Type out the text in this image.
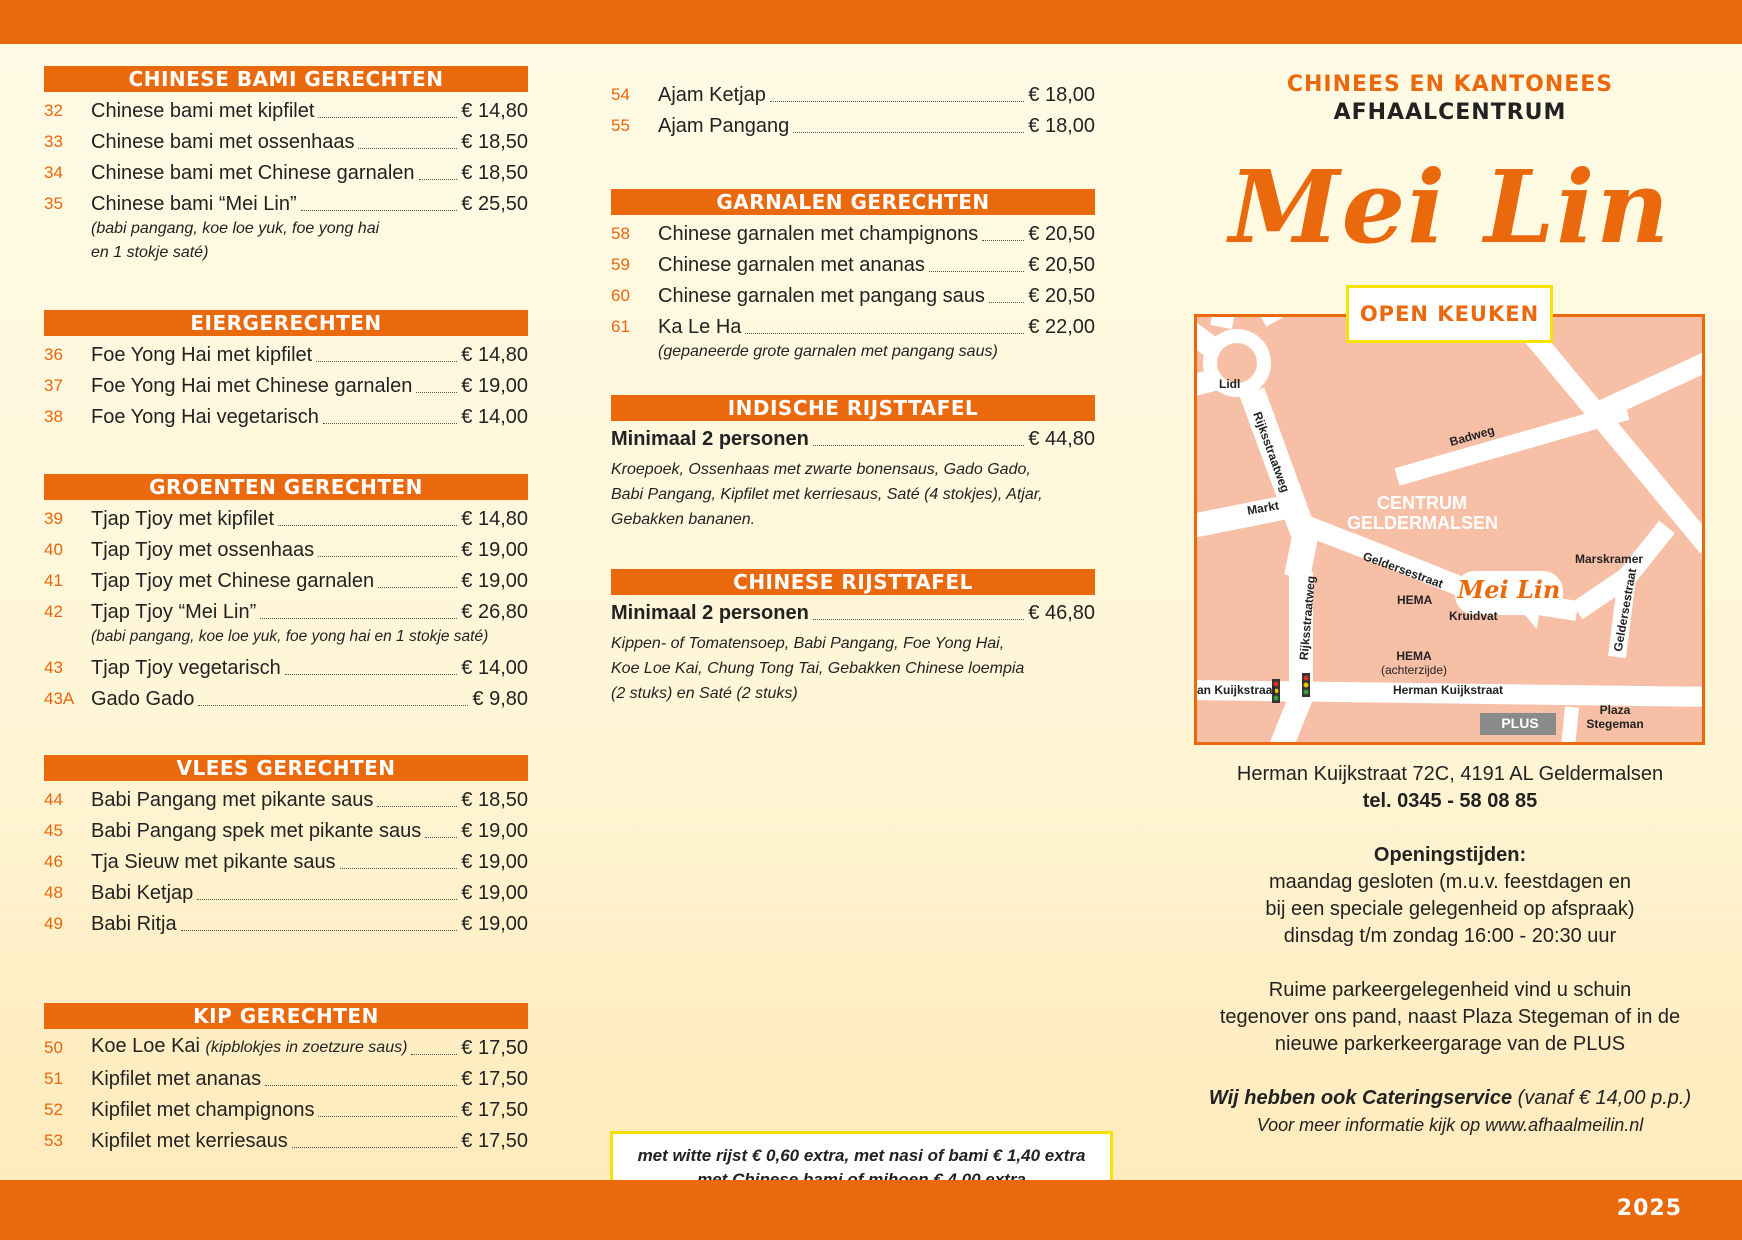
CHINESE BAMI GERECHTEN
32	Chinese bami met kipfilet	€ 14,80
33	Chinese bami met ossenhaas	€ 18,50
34	Chinese bami met Chinese garnalen € 18,50
35	Chinese bami “Mei Lin”	€ 25,50
(babi pangang, koe loe yuk, foe yong hai
en 1 stokje saté)
EIERGERECHTEN
36	Foe Yong Hai met kipfilet	€ 14,80
37	Foe Yong Hai met Chinese garnalen € 19,00
38	Foe Yong Hai vegetarisch	€ 14,00
GROENTEN GERECHTEN
39	Tjap Tjoy met kipfilet	€ 14,80
40	Tjap Tjoy met ossenhaas	€ 19,00
41	Tjap Tjoy met Chinese garnalen	€ 19,00
42	Tjap Tjoy “Mei Lin”	€ 26,80
(babi pangang, koe loe yuk, foe yong hai en 1 stokje saté)
43	Tjap Tjoy vegetarisch	€ 14,00
43A Gado Gado	€ 9,80
VLEES GERECHTEN
44	Babi Pangang met pikante saus	€ 18,50
45	Babi Pangang spek met pikante saus € 19,00
46	Tja Sieuw met pikante saus	€ 19,00
48	Babi Ketjap	€ 19,00
49	Babi Ritja	€ 19,00
KIP GERECHTEN
50	Koe Loe Kai (kipblokjes in zoetzure saus)	€ 17,50
51	Kipfilet met ananas	€ 17,50
52	Kipfilet met champignons	€ 17,50
53	Kipfilet met kerriesaus	€ 17,50
54	Ajam Ketjap	€ 18,00
55	Ajam Pangang	€ 18,00
GARNALEN GERECHTEN
58	Chinese garnalen met champignons	€ 20,50
59	Chinese garnalen met ananas	€ 20,50
60	Chinese garnalen met pangang saus € 20,50
61	Ka Le Ha	€ 22,00
(gepaneerde grote garnalen met pangang saus)
INDISCHE RIJSTTAFEL
Minimaal 2 personen	€ 44,80
Kroepoek, Ossenhaas met zwarte bonensaus, Gado Gado,
Babi Pangang, Kipfilet met kerriesaus, Saté (4 stokjes), Atjar,
Gebakken bananen.
CHINESE RIJSTTAFEL
Minimaal 2 personen	€ 46,80
Kippen- of Tomatensoep, Babi Pangang, Foe Yong Hai,
Koe Loe Kai, Chung Tong Tai, Gebakken Chinese loempia
(2 stuks) en Saté (2 stuks)
met witte rijst € 0,60 extra, met nasi of bami € 1,40 extra
CHINEES EN KANTONEES
AFHAALCENTRUM
Mei Lin
Lidl
Rijksstraatweg	Badweg
Markt	CENTRUM
GELDERMALSEN
Marskramer
Geldersestraat	Geldersestraat
HEMA
Kruidvat
Rijksstraatweg	HEMA
(achterzijde)
an Kuijkstraat	Herman Kuijkstraat
PLUS
Plaza
Stegeman
Mei Lin
OPEN KEUKEN
Herman Kuijkstraat 72C, 4191 AL Geldermalsen
tel. 0345 - 58 08 85
Openingstijden:
maandag gesloten (m.u.v. feestdagen en
bij een speciale gelegenheid op afspraak)
dinsdag t/m zondag 16:00 - 20:30 uur
Ruime parkeergelegenheid vind u schuin
tegenover ons pand, naast Plaza Stegeman of in de
nieuwe parkerkeergarage van de PLUS
Wij hebben ook Cateringservice (vanaf € 14,00 p.p.)
Voor meer informatie kijk op www.afhaalmeilin.nl
2025
